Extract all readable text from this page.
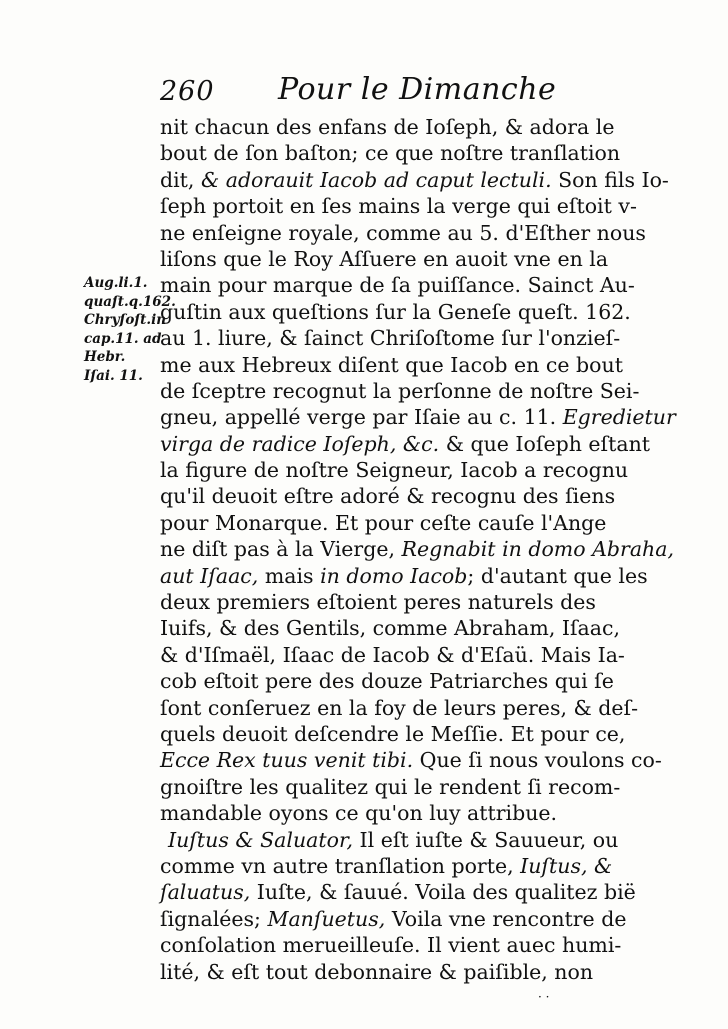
260 Pour le Dimanche
Aug.li.1.
quaſt.q.162.
Chryſoſt.in
cap.11. ad
Hebr.
Iſai. 11.
nit chacun des enfans de Ioſeph, & adora le
bout de ſon baſton; ce que noſtre tranſlation
dit, & adorauit Iacob ad caput lectuli. Son fils Io-
ſeph portoit en ſes mains la verge qui eſtoit v-
ne enſeigne royale, comme au 5. d'Eſther nous
liſons que le Roy Aſſuere en auoit vne en la
main pour marque de ſa puiſſance. Sainct Au-
guſtin aux queſtions ſur la Geneſe queſt. 162.
au 1. liure, & ſainct Chriſoſtome ſur l'onzieſ-
me aux Hebreux diſent que Iacob en ce bout
de ſceptre recognut la perſonne de noſtre Sei-
gneu, appellé verge par Iſaie au c. 11. Egredietur
virga de radice Ioſeph, &c. & que Ioſeph eſtant
la figure de noſtre Seigneur, Iacob a recognu
qu'il deuoit eſtre adoré & recognu des ſiens
pour Monarque. Et pour ceſte cauſe l'Ange
ne diſt pas à la Vierge, Regnabit in domo Abraha,
aut Iſaac, mais in domo Iacob; d'autant que les
deux premiers eſtoient peres naturels des
Iuifs, & des Gentils, comme Abraham, Iſaac,
& d'Iſmaël, Iſaac de Iacob & d'Eſaü. Mais Ia-
cob eſtoit pere des douze Patriarches qui ſe
ſont conſeruez en la foy de leurs peres, & deſ-
quels deuoit deſcendre le Meſſie. Et pour ce,
Ecce Rex tuus venit tibi. Que ſi nous voulons co-
gnoiſtre les qualitez qui le rendent ſi recom-
mandable oyons ce qu'on luy attribue.
Iuſtus & Saluator, Il eſt iuſte & Sauueur, ou
comme vn autre tranſlation porte, Iuſtus, &
ſaluatus, Iuſte, & ſauué. Voila des qualitez bië
ſignalées; Manſuetus, Voila vne rencontre de
conſolation merueilleuſe. Il vient auec humi-
lité, & eſt tout debonnaire & paiſible, non
· ·
